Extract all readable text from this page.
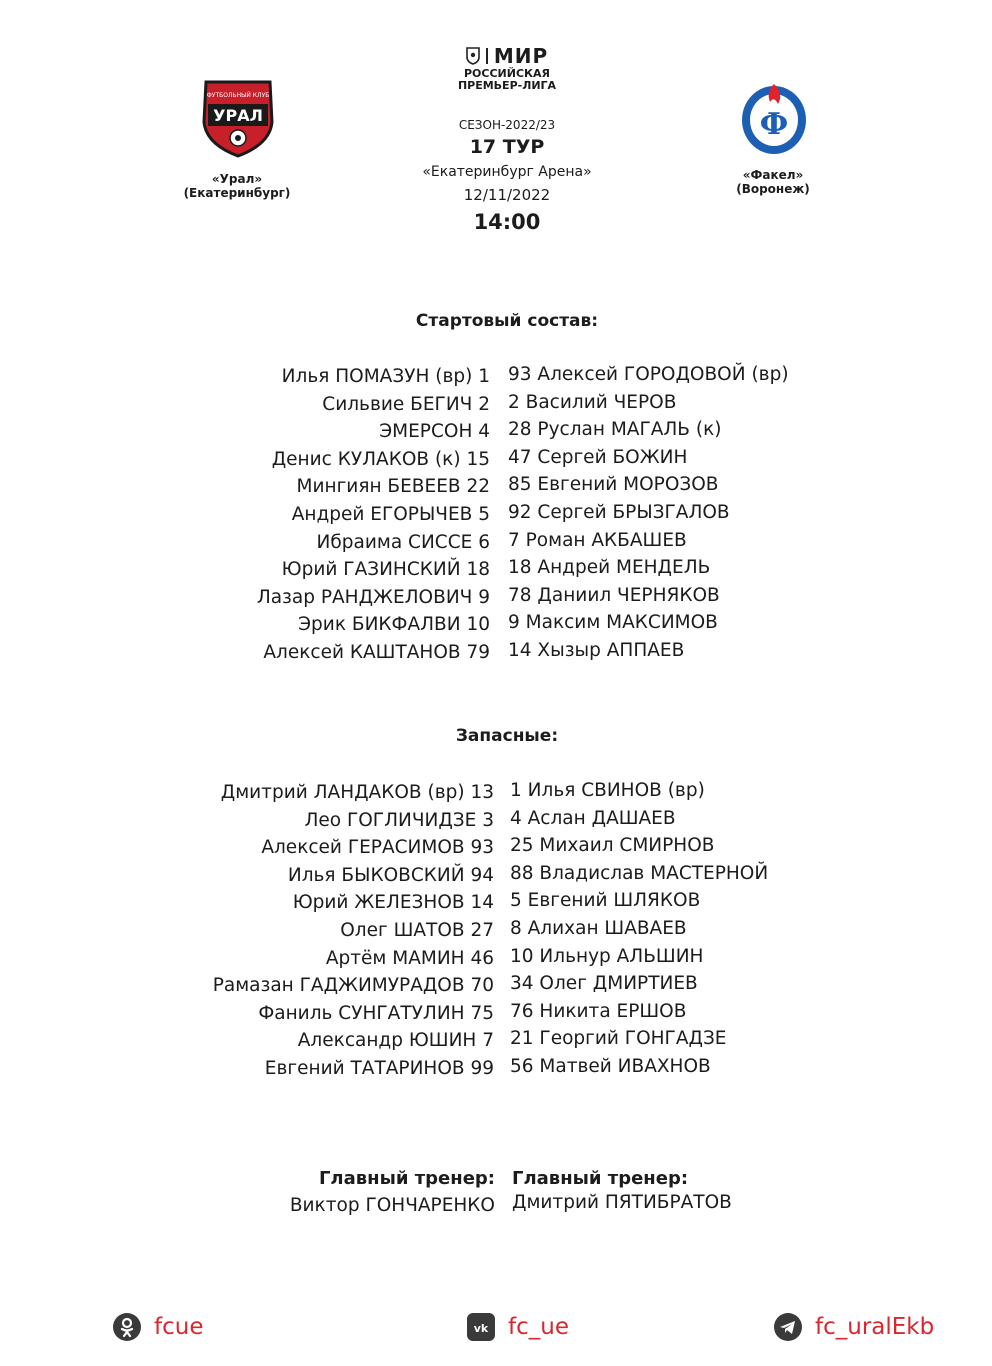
МИР
РОССИЙСКАЯ
ПРЕМЬЕР-ЛИГА
СЕЗОН-2022/23
17 ТУР
«Екатеринбург Арена»
12/11/2022
14:00
УРАЛ
ФУТБОЛЬНЫЙ КЛУБ
«Урал»
(Екатеринбург)
Ф
«Факел»
(Воронеж)
Стартовый состав:
Илья ПОМАЗУН (вр) 1
Сильвие БЕГИЧ 2
ЭМЕРСОН 4
Денис КУЛАКОВ (к) 15
Мингиян БЕВЕЕВ 22
Андрей ЕГОРЫЧЕВ 5
Ибраима СИССЕ 6
Юрий ГАЗИНСКИЙ 18
Лазар РАНДЖЕЛОВИЧ 9
Эрик БИКФАЛВИ 10
Алексей КАШТАНОВ 79
93 Алексей ГОРОДОВОЙ (вр)
2 Василий ЧЕРОВ
28 Руслан МАГАЛЬ (к)
47 Сергей БОЖИН
85 Евгений МОРОЗОВ
92 Сергей БРЫЗГАЛОВ
7 Роман АКБАШЕВ
18 Андрей МЕНДЕЛЬ
78 Даниил ЧЕРНЯКОВ
9 Максим МАКСИМОВ
14 Хызыр АППАЕВ
Запасные:
Дмитрий ЛАНДАКОВ (вр) 13
Лео ГОГЛИЧИДЗЕ 3
Алексей ГЕРАСИМОВ 93
Илья БЫКОВСКИЙ 94
Юрий ЖЕЛЕЗНОВ 14
Олег ШАТОВ 27
Артём МАМИН 46
Рамазан ГАДЖИМУРАДОВ 70
Фаниль СУНГАТУЛИН 75
Александр ЮШИН 7
Евгений ТАТАРИНОВ 99
1 Илья СВИНОВ (вр)
4 Аслан ДАШАЕВ
25 Михаил СМИРНОВ
88 Владислав МАСТЕРНОЙ
5 Евгений ШЛЯКОВ
8 Алихан ШАВАЕВ
10 Ильнур АЛЬШИН
34 Олег ДМИРТИЕВ
76 Никита ЕРШОВ
21 Георгий ГОНГАДЗЕ
56 Матвей ИВАХНОВ
Главный тренер:
Виктор ГОНЧАРЕНКО
Главный тренер:
Дмитрий ПЯТИБРАТОВ
fcue	vk fc_ue	fc_uralEkb
